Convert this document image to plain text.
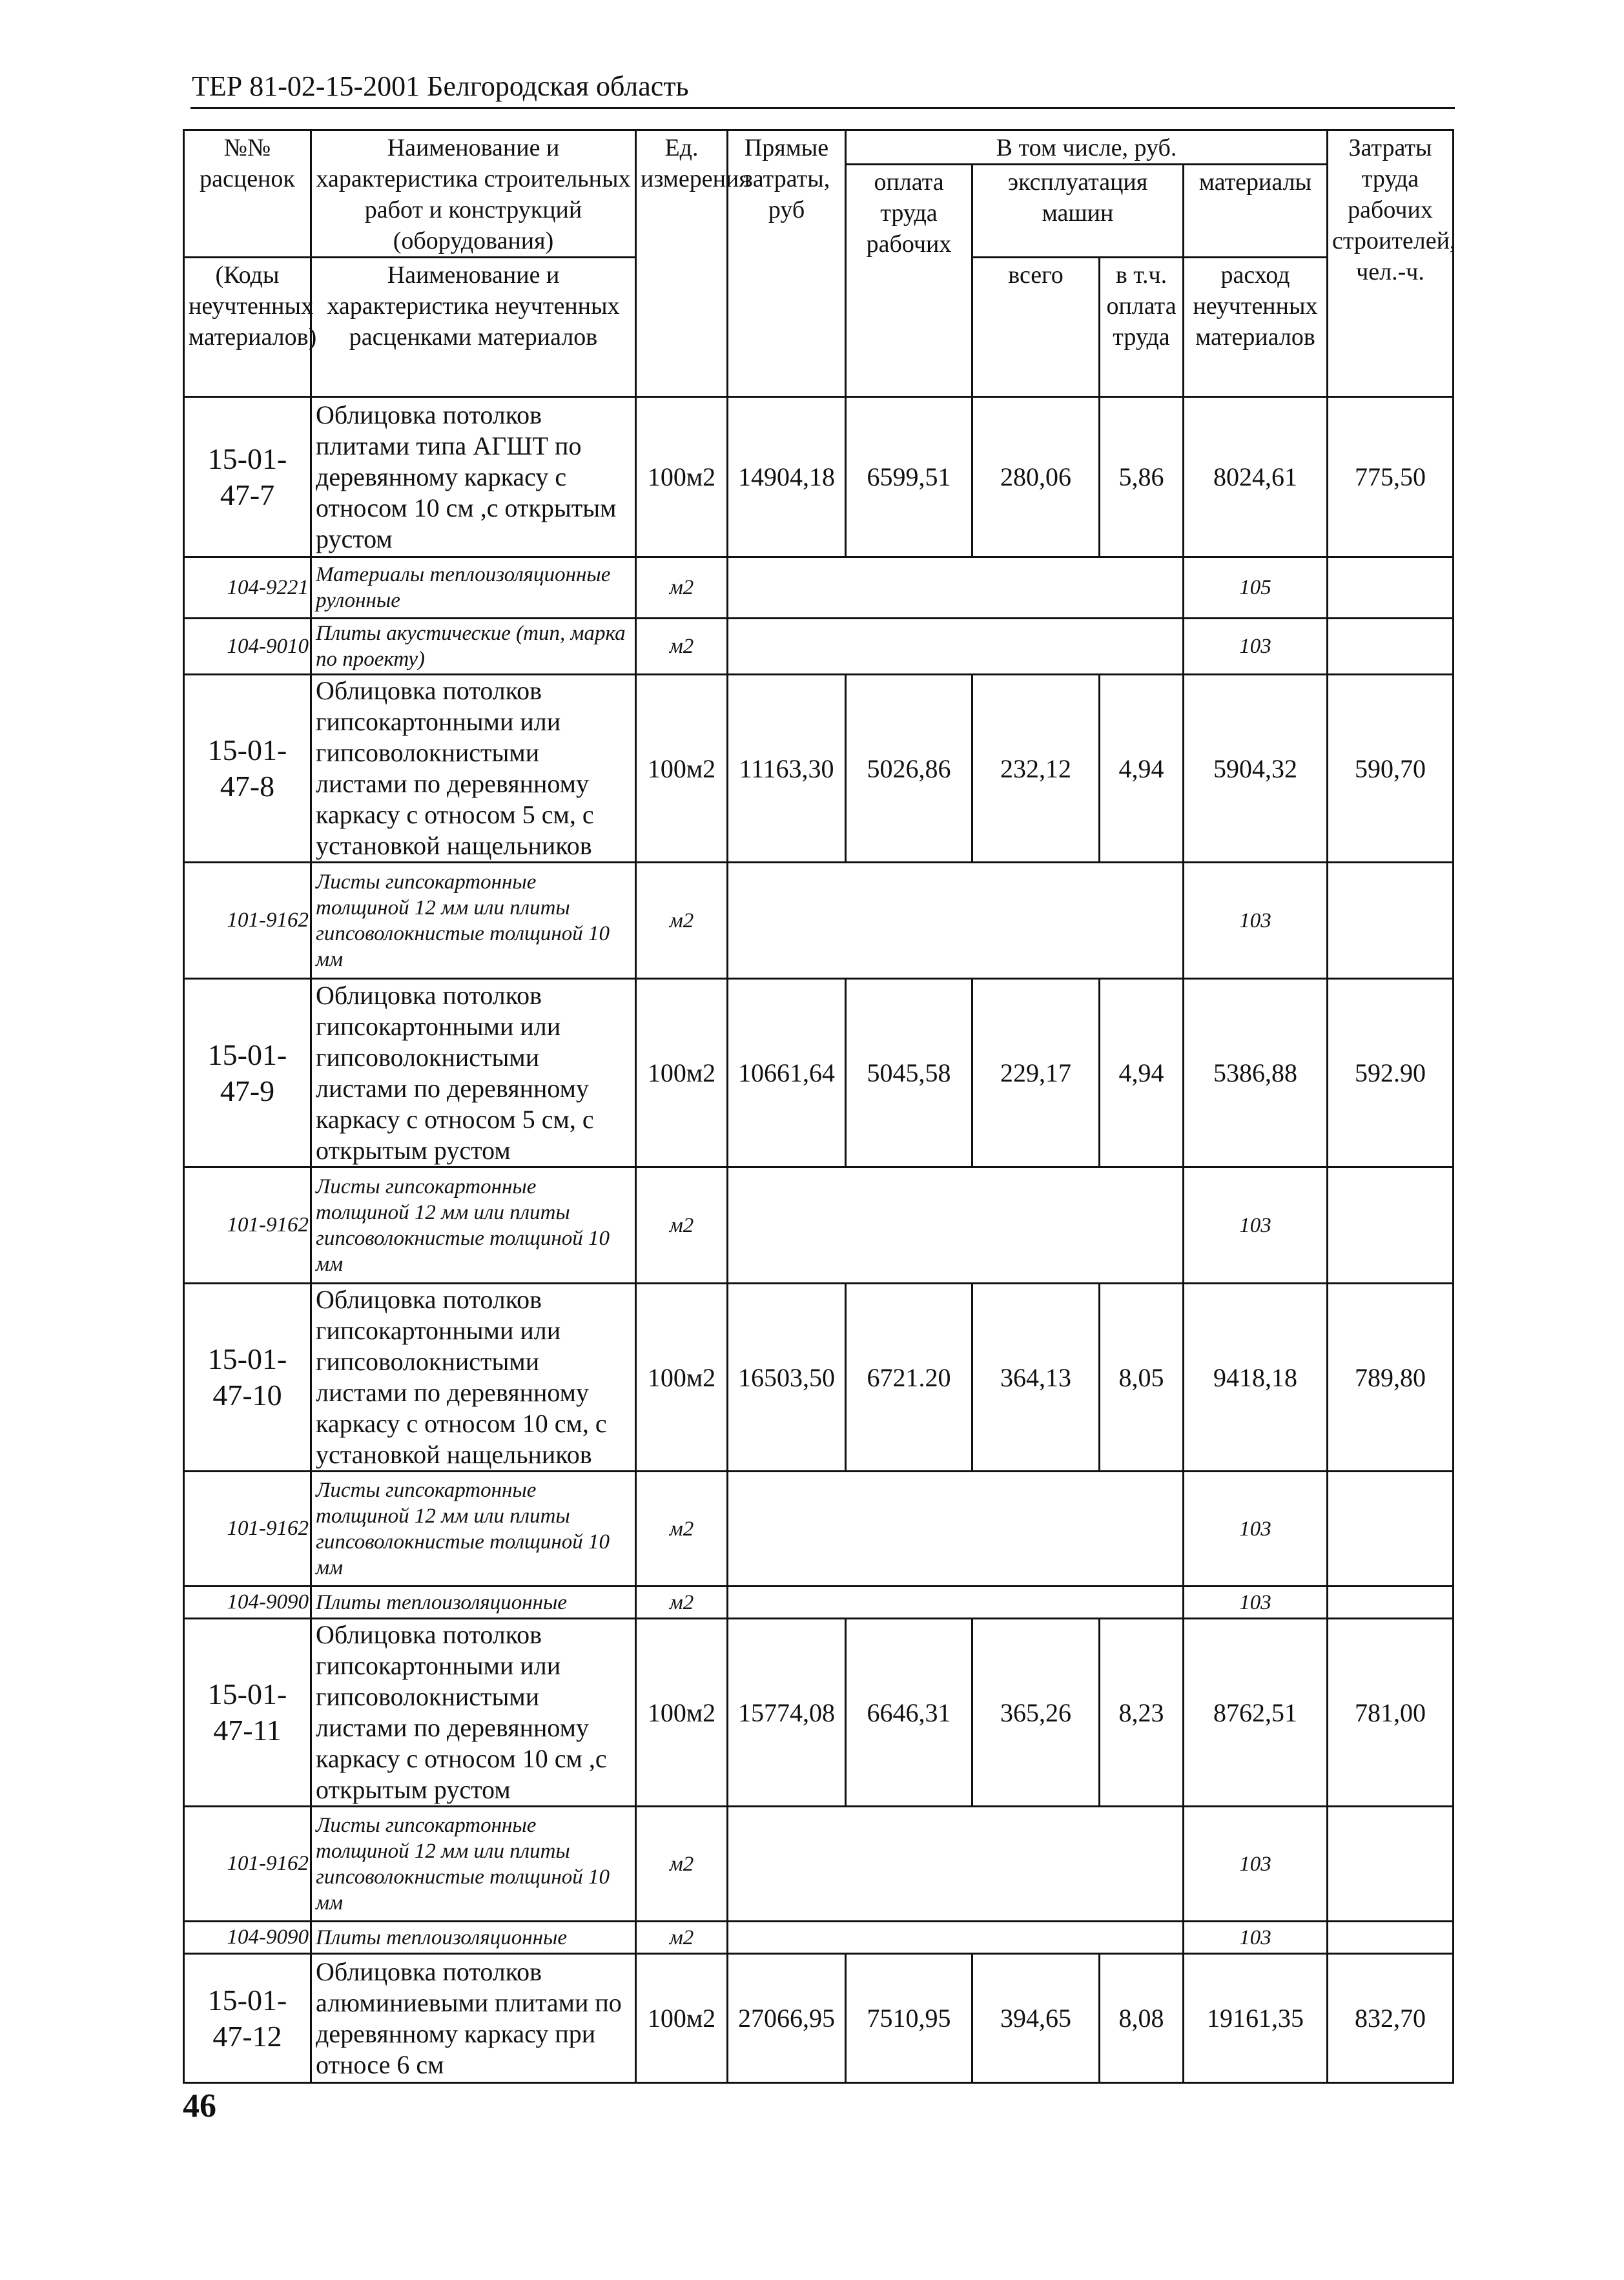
ТЕР 81-02-15-2001 Белгородская область
№№ расценок	Наименование и характеристика строительных работ и конструкций (оборудования)	Ед. измерения	Прямые затраты, руб	В том числе, руб.				Затраты труда рабочих строителей, чел.-ч.
				оплата труда рабочих	эксплуатация машин		материалы	
(Коды неучтенных материалов)	Наименование и характеристика неучтенных расценками материалов				всего	в т.ч. оплата труда	расход неучтенных материалов	
15-01-47-7	Облицовка потолков плитами типа АГШТ по деревянному каркасу с относом 10 см ,с открытым рустом	100м2	14904,18	6599,51	280,06	5,86	8024,61	775,50
104-9221	Материалы теплоизоляционные рулонные	м2					105	
104-9010	Плиты акустические (тип, марка по проекту)	м2					103	
15-01-47-8	Облицовка потолков гипсокартонными или гипсоволокнистыми листами по деревянному каркасу с относом 5 см, с установкой нащельников	100м2	11163,30	5026,86	232,12	4,94	5904,32	590,70
101-9162	Листы гипсокартонные толщиной 12 мм или плиты гипсоволокнистые толщиной 10 мм	м2					103	
15-01-47-9	Облицовка потолков гипсокартонными или гипсоволокнистыми листами по деревянному каркасу с относом 5 см, с открытым рустом	100м2	10661,64	5045,58	229,17	4,94	5386,88	592.90
101-9162	Листы гипсокартонные толщиной 12 мм или плиты гипсоволокнистые толщиной 10 мм	м2					103	
15-01-47-10	Облицовка потолков гипсокартонными или гипсоволокнистыми листами по деревянному каркасу с относом 10 см, с установкой нащельников	100м2	16503,50	6721.20	364,13	8,05	9418,18	789,80
101-9162	Листы гипсокартонные толщиной 12 мм или плиты гипсоволокнистые толщиной 10 мм	м2					103	
104-9090	Плиты теплоизоляционные	м2					103	
15-01-47-11	Облицовка потолков гипсокартонными или гипсоволокнистыми листами по деревянному каркасу с относом 10 см ,с открытым рустом	100м2	15774,08	6646,31	365,26	8,23	8762,51	781,00
101-9162	Листы гипсокартонные толщиной 12 мм или плиты гипсоволокнистые толщиной 10 мм	м2					103	
104-9090	Плиты теплоизоляционные	м2					103	
15-01-47-12	Облицовка потолков алюминиевыми плитами по деревянному каркасу при относе 6 см	100м2	27066,95	7510,95	394,65	8,08	19161,35	832,70
46
